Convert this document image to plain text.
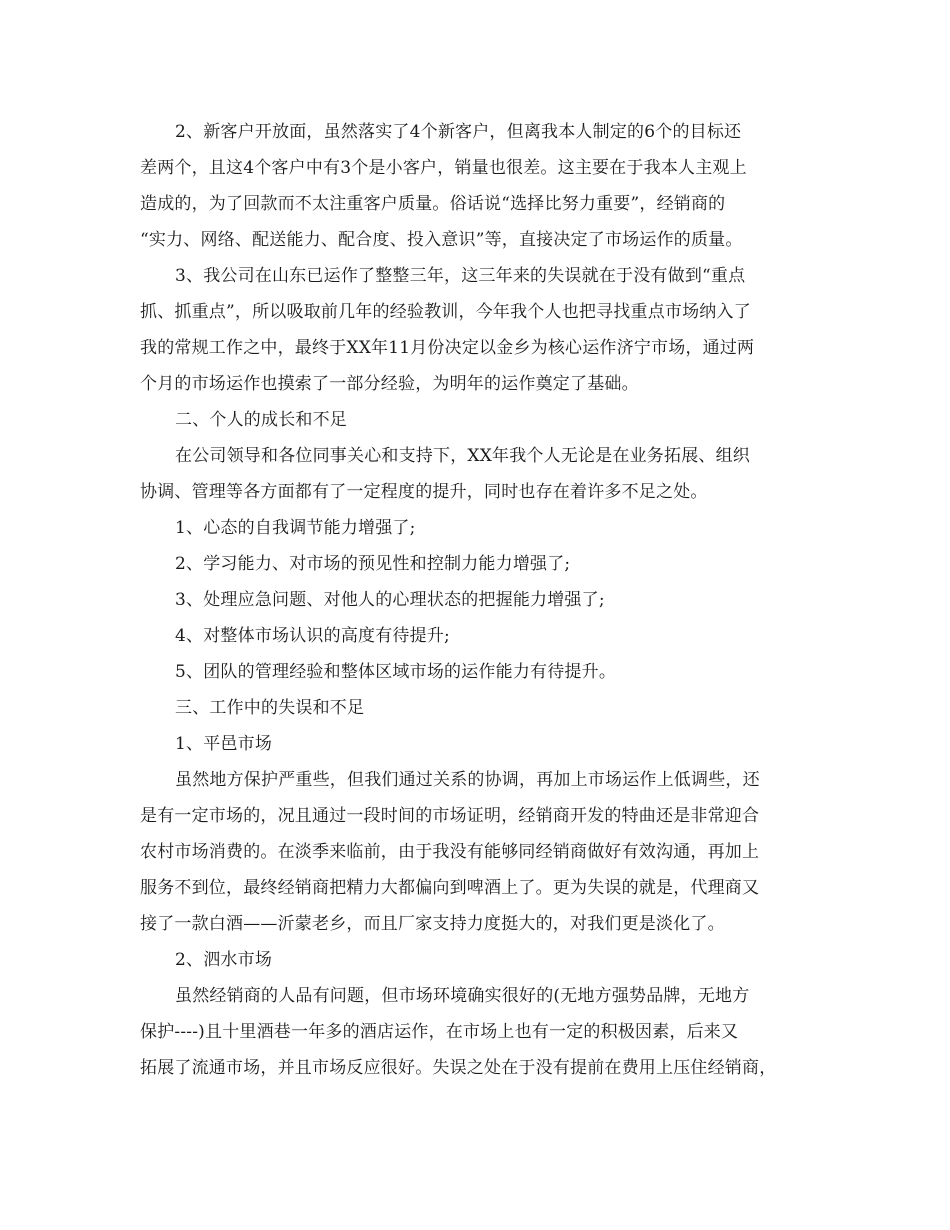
2、新客户开放面，虽然落实了4个新客户，但离我本人制定的6个的目标还
差两个，且这4个客户中有3个是小客户，销量也很差。这主要在于我本人主观上
造成的，为了回款而不太注重客户质量。俗话说“选择比努力重要”，经销商的
“实力、网络、配送能力、配合度、投入意识”等，直接决定了市场运作的质量。
3、我公司在山东已运作了整整三年，这三年来的失误就在于没有做到“重点
抓、抓重点”，所以吸取前几年的经验教训，今年我个人也把寻找重点市场纳入了
我的常规工作之中，最终于XX年11月份决定以金乡为核心运作济宁市场，通过两
个月的市场运作也摸索了一部分经验，为明年的运作奠定了基础。
二、个人的成长和不足
在公司领导和各位同事关心和支持下，XX年我个人无论是在业务拓展、组织
协调、管理等各方面都有了一定程度的提升，同时也存在着许多不足之处。
1、心态的自我调节能力增强了;
2、学习能力、对市场的预见性和控制力能力增强了;
3、处理应急问题、对他人的心理状态的把握能力增强了;
4、对整体市场认识的高度有待提升;
5、团队的管理经验和整体区域市场的运作能力有待提升。
三、工作中的失误和不足
1、平邑市场
虽然地方保护严重些，但我们通过关系的协调，再加上市场运作上低调些，还
是有一定市场的，况且通过一段时间的市场证明，经销商开发的特曲还是非常迎合
农村市场消费的。在淡季来临前，由于我没有能够同经销商做好有效沟通，再加上
服务不到位，最终经销商把精力大都偏向到啤酒上了。更为失误的就是，代理商又
接了一款白酒——沂蒙老乡，而且厂家支持力度挺大的，对我们更是淡化了。
2、泗水市场
虽然经销商的人品有问题，但市场环境确实很好的(无地方强势品牌，无地方
保护----)且十里酒巷一年多的酒店运作，在市场上也有一定的积极因素，后来又
拓展了流通市场，并且市场反应很好。失误之处在于没有提前在费用上压住经销商，
